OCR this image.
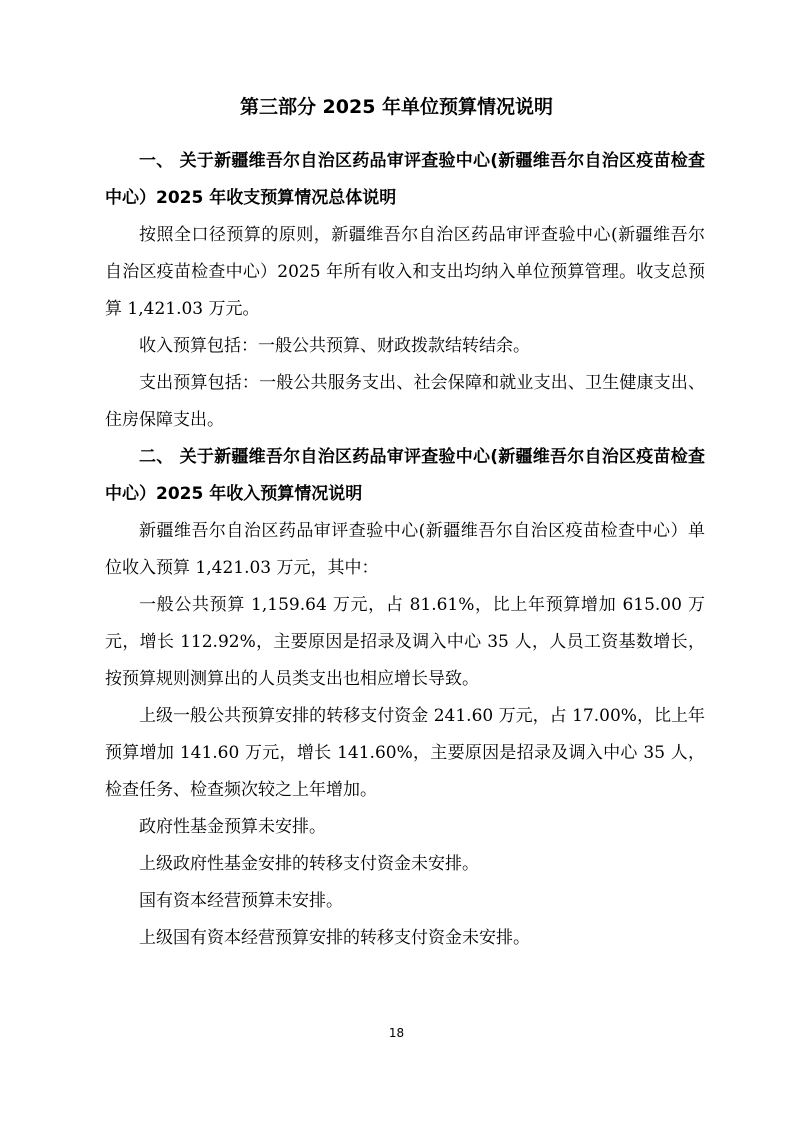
第三部分 2025 年单位预算情况说明

一、 关于新疆维吾尔自治区药品审评查验中心(新疆维吾尔自治区疫苗检查中心）2025 年收支预算情况总体说明

按照全口径预算的原则，新疆维吾尔自治区药品审评查验中心(新疆维吾尔自治区疫苗检查中心）2025 年所有收入和支出均纳入单位预算管理。收支总预算 1,421.03 万元。

收入预算包括：一般公共预算、财政拨款结转结余。

支出预算包括：一般公共服务支出、社会保障和就业支出、卫生健康支出、住房保障支出。

二、 关于新疆维吾尔自治区药品审评查验中心(新疆维吾尔自治区疫苗检查中心）2025 年收入预算情况说明

新疆维吾尔自治区药品审评查验中心(新疆维吾尔自治区疫苗检查中心）单位收入预算 1,421.03 万元，其中：

一般公共预算 1,159.64 万元，占 81.61%，比上年预算增加 615.00 万元，增长 112.92%，主要原因是招录及调入中心 35 人，人员工资基数增长，按预算规则测算出的人员类支出也相应增长导致。

上级一般公共预算安排的转移支付资金 241.60 万元，占 17.00%，比上年预算增加 141.60 万元，增长 141.60%，主要原因是招录及调入中心 35 人，检查任务、检查频次较之上年增加。

政府性基金预算未安排。

上级政府性基金安排的转移支付资金未安排。

国有资本经营预算未安排。

上级国有资本经营预算安排的转移支付资金未安排。

18
